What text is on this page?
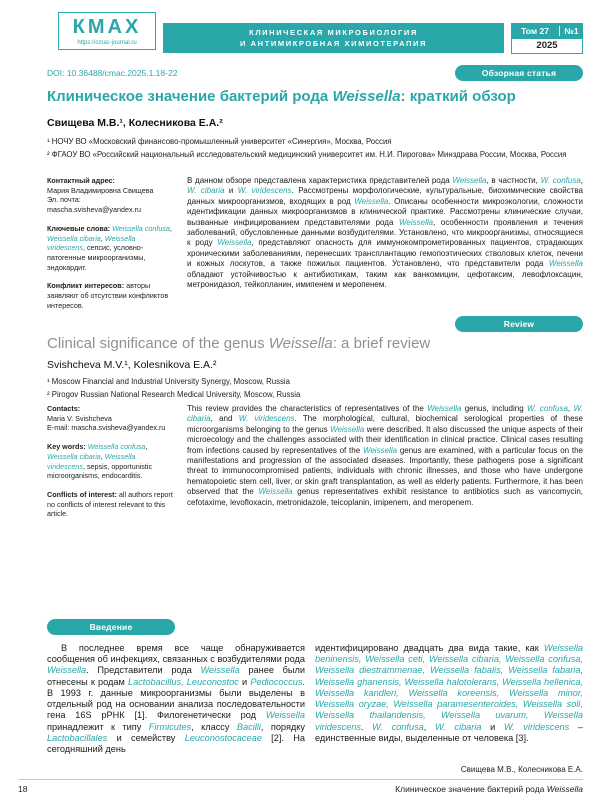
КМАХ
https://cmac-journal.ru
КЛИНИЧЕСКАЯ МИКРОБИОЛОГИЯ
И АНТИМИКРОБНАЯ ХИМИОТЕРАПИЯ
Том 27	№1
2025
DOI: 10.36488/cmac.2025.1.18-22	Обзорная статья
Клиническое значение бактерий рода Weissella: краткий обзор
Свищева М.В.¹, Колесникова Е.А.²
¹ НОЧУ ВО «Московский финансово-промышленный университет «Синергия», Москва, Россия
² ФГАОУ ВО «Российский национальный исследовательский медицинский университет им. Н.И. Пирогова» Минздрава России, Москва, Россия
Контактный адрес:
Мария Владимировна Свищева
Эл. почта: mascha.svisheva@yandex.ru
Ключевые слова: Weissella confusa, Weissella cibaria, Weissella viridescens, сепсис, условно-патогенные микроорганизмы, эндокардит.
Конфликт интересов: авторы заявляют об отсутствии конфликтов интересов.
В данном обзоре представлена характеристика представителей рода Weissella, в частности, W. confusa, W. cibaria и W. viridescens. Рассмотрены морфологические, культуральные, биохимические свойства данных микроорганизмов, входящих в род Weissella. Описаны особенности микроэкологии, сложности идентификации данных микроорганизмов в клинической практике. Рассмотрены клинические случаи, вызванные инфицированием представителями рода Weissella, особенности проявления и течения заболеваний, обусловленные данными возбудителями. Установлено, что микроорганизмы, относящиеся к роду Weissella, представляют опасность для иммунокомпрометированных пациентов, страдающих хроническими заболеваниями, перенесших трансплантацию гемопоэтических стволовых клеток, печени и кожных лоскутов, а также пожилых пациентов. Установлено, что представители рода Weissella обладают устойчивостью к антибиотикам, таким как ванкомицин, цефотаксим, левофлоксацин, метронидазол, тейкопланин, имипенем и меропенем.
Review
Clinical significance of the genus Weissella: a brief review
Svishcheva M.V.¹, Kolesnikova E.A.²
¹ Moscow Financial and Industrial University Synergy, Moscow, Russia
² Pirogov Russian National Research Medical University, Moscow, Russia
Contacts:
Maria V. Svishcheva
E-mail: mascha.svisheva@yandex.ru
Key words: Weissella confusa, Weissella cibaria, Weissella viridescens, sepsis, opportunistic microorganisms, endocarditis.
Conflicts of interest: all authors report no conflicts of interest relevant to this article.
This review provides the characteristics of representatives of the Weissella genus, including W. confusa, W. cibaria, and W. viridescens. The morphological, cultural, biochemical serological properties of these microorganisms belonging to the genus Weissella were described. It also discussed the unique aspects of their microecology and the challenges associated with their identification in clinical practice. Clinical cases resulting from infections caused by representatives of the Weissella genus are examined, with a particular focus on the manifestations and progression of the associated diseases. Importantly, these pathogens pose a significant threat to immunocompromised patients, individuals with chronic illnesses, and those who have undergone hematopoietic stem cell, liver, or skin graft transplantation, as well as elderly patients. Furthermore, it has been observed that the Weissella genus representatives exhibit resistance to antibiotics such as vancomycin, cefotaxime, levofloxacin, metronidazole, teicoplanin, imipenem, and meropenem.
Введение
В последнее время все чаще обнаруживается сообщения об инфекциях, связанных с возбудителями рода Weissella. Представители рода Weissella ранее были отнесены к родам Lactobacillus, Leuconostoc и Pediococcus. В 1993 г. данные микроорганизмы были выделены в отдельный род на основании анализа последовательности гена 16S рРНК [1]. Филогенетически род Weissella принадлежит к типу Firmicutes, классу Bacilli, порядку Lactobacillales и семейству Leuconostocaceae [2]. На сегодняшний день
идентифицировано двадцать два вида такие, как Weissella beninensis, Weissella ceti, Weissella cibaria, Weissella confusa, Weissella diestrammenae, Weissella fabalis, Weissella fabaria, Weissella ghanensis, Weissella halotolerans, Weissella hellenica, Weissella kandleri, Weissella koreensis, Weissella minor, Weissella oryzae, Weissella paramesenteroides, Weissella soli, Weissella thailandensis, Weissella uvarum, Weissella viridescens. W. confusa, W. cibaria и W. viridescens – единственные виды, выделенные от человека [3].
Свищева М.В., Колесникова Е.А.
18	Клиническое значение бактерий рода Weissella
